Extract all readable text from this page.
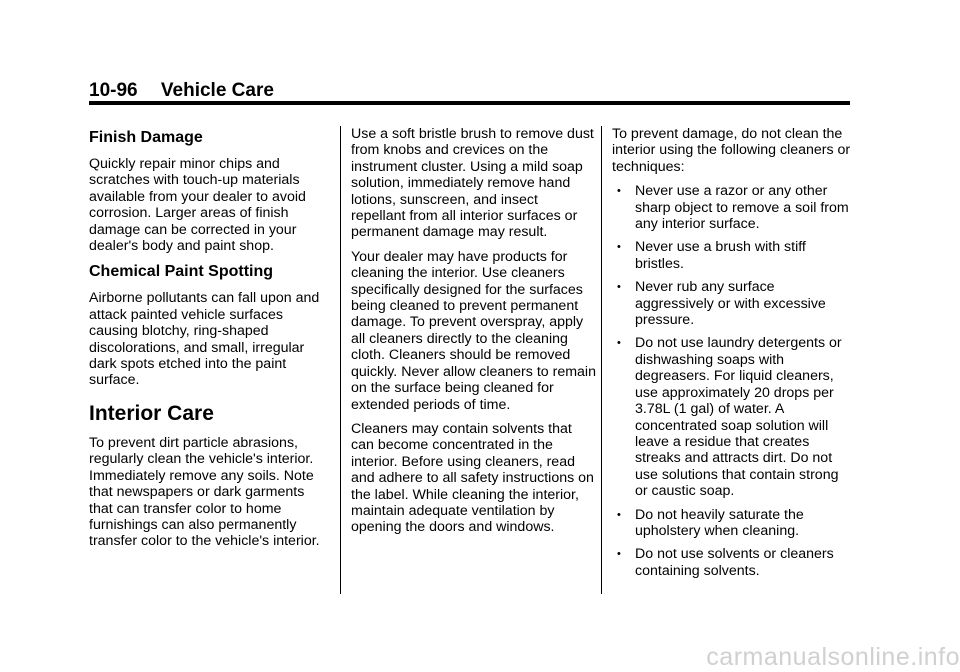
10-96 Vehicle Care
Finish Damage

Quickly repair minor chips and scratches with touch-up materials available from your dealer to avoid corrosion. Larger areas of finish damage can be corrected in your dealer's body and paint shop.

Chemical Paint Spotting

Airborne pollutants can fall upon and attack painted vehicle surfaces causing blotchy, ring-shaped discolorations, and small, irregular dark spots etched into the paint surface.

Interior Care

To prevent dirt particle abrasions, regularly clean the vehicle's interior. Immediately remove any soils. Note that newspapers or dark garments that can transfer color to home furnishings can also permanently transfer color to the vehicle's interior.

Use a soft bristle brush to remove dust from knobs and crevices on the instrument cluster. Using a mild soap solution, immediately remove hand lotions, sunscreen, and insect repellant from all interior surfaces or permanent damage may result.

Your dealer may have products for cleaning the interior. Use cleaners specifically designed for the surfaces being cleaned to prevent permanent damage. To prevent overspray, apply all cleaners directly to the cleaning cloth. Cleaners should be removed quickly. Never allow cleaners to remain on the surface being cleaned for extended periods of time.

Cleaners may contain solvents that can become concentrated in the interior. Before using cleaners, read and adhere to all safety instructions on the label. While cleaning the interior, maintain adequate ventilation by opening the doors and windows.

To prevent damage, do not clean the interior using the following cleaners or techniques:

• Never use a razor or any other sharp object to remove a soil from any interior surface.
• Never use a brush with stiff bristles.
• Never rub any surface aggressively or with excessive pressure.
• Do not use laundry detergents or dishwashing soaps with degreasers. For liquid cleaners, use approximately 20 drops per 3.78L (1 gal) of water. A concentrated soap solution will leave a residue that creates streaks and attracts dirt. Do not use solutions that contain strong or caustic soap.
• Do not heavily saturate the upholstery when cleaning.
• Do not use solvents or cleaners containing solvents.
carmanualsonline.info
